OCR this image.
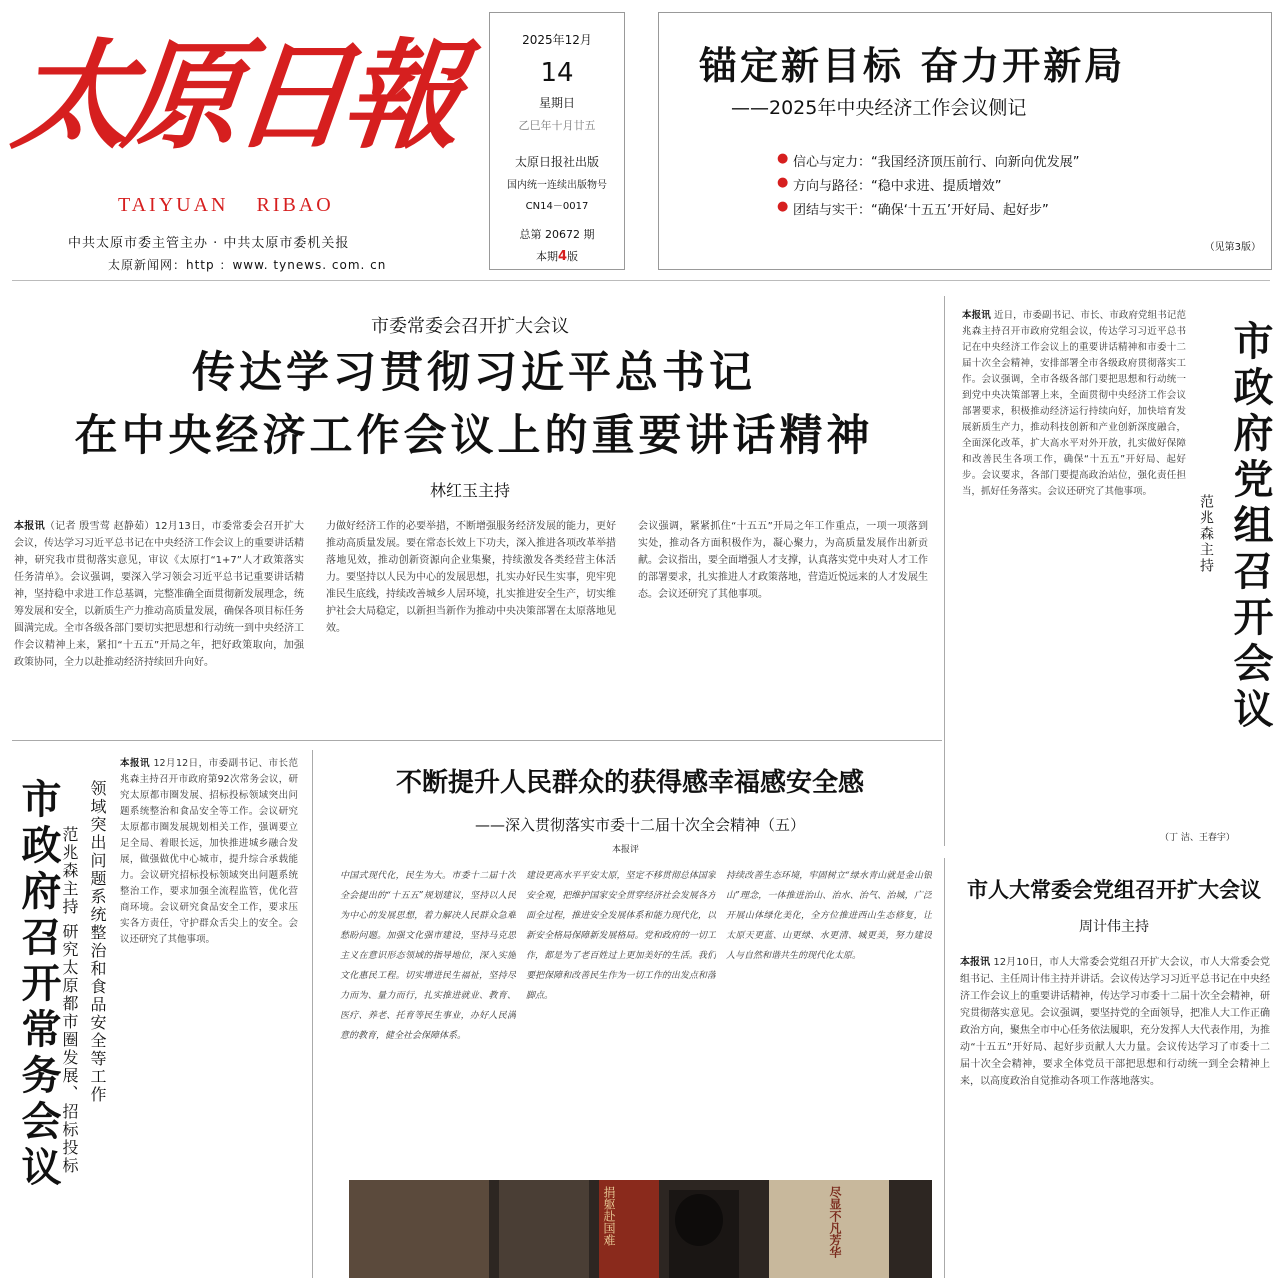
太原日報
TAIYUAN RIBAO
中共太原市委主管主办 · 中共太原市委机关报
太原新闻网：http ：www. tynews. com. cn
2025年12月
14
星期日
乙巳年十月廿五
太原日报社出版
国内统一连续出版物号
CN14－0017
总第 20672 期
本期4版
锚定新目标 奋力开新局
——2025年中央经济工作会议侧记
● 信心与定力：“我国经济顶压前行、向新向优发展”
● 方向与路径：“稳中求进、提质增效”
● 团结与实干：“确保‘十五五’开好局、起好步”
（见第3版）
市委常委会召开扩大会议
传达学习贯彻习近平总书记
在中央经济工作会议上的重要讲话精神
林红玉主持
本报讯（记者 殷雪莺 赵静茹）12月13日，市委常委会召开扩大会议，传达学习习近平总书记在中央经济工作会议上的重要讲话精神，研究我市贯彻落实意见，审议《太原打“1+7”人才政策落实任务清单》。会议强调，要深入学习领会习近平总书记重要讲话精神，坚持稳中求进工作总基调，完整准确全面贯彻新发展理念，统筹发展和安全，以新质生产力推动高质量发展，确保各项目标任务圆满完成。全市各级各部门要切实把思想和行动统一到中央经济工作会议精神上来，紧扣“十五五”开局之年，把好政策取向，加强政策协同，全力以赴推动经济持续回升向好。
力做好经济工作的必要举措，不断增强服务经济发展的能力，更好推动高质量发展。要在常态长效上下功夫，深入推进各项改革举措落地见效，推动创新资源向企业集聚，持续激发各类经营主体活力。要坚持以人民为中心的发展思想，扎实办好民生实事，兜牢兜准民生底线，持续改善城乡人居环境，扎实推进安全生产，切实维护社会大局稳定，以新担当新作为推动中央决策部署在太原落地见效。
会议强调，紧紧抓住“十五五”开局之年工作重点，一项一项落到实处，推动各方面积极作为，凝心聚力，为高质量发展作出新贡献。会议指出，要全面增强人才支撑，认真落实党中央对人才工作的部署要求，扎实推进人才政策落地，营造近悦远来的人才发展生态。会议还研究了其他事项。
本报讯 近日，市委副书记、市长、市政府党组书记范兆森主持召开市政府党组会议，传达学习习近平总书记在中央经济工作会议上的重要讲话精神和市委十二届十次全会精神，安排部署全市各级政府贯彻落实工作。会议强调，全市各级各部门要把思想和行动统一到党中央决策部署上来，全面贯彻中央经济工作会议部署要求，积极推动经济运行持续向好，加快培育发展新质生产力，推动科技创新和产业创新深度融合，全面深化改革，扩大高水平对外开放，扎实做好保障和改善民生各项工作，确保“十五五”开好局、起好步。会议要求，各部门要提高政治站位，强化责任担当，抓好任务落实。会议还研究了其他事项。
（丁 洁、王春宇）
市政府党组召开会议
范兆森主持
市政府召开常务会议	领域突出问题系统整治和食品安全等工作
范兆森主持 研究太原都市圈发展、招标投标
本报讯 12月12日，市委副书记、市长范兆森主持召开市政府第92次常务会议，研究太原都市圈发展、招标投标领域突出问题系统整治和食品安全等工作。会议研究太原都市圈发展规划相关工作，强调要立足全局、着眼长远，加快推进城乡融合发展，做强做优中心城市，提升综合承载能力。会议研究招标投标领域突出问题系统整治工作，要求加强全流程监管，优化营商环境。会议研究食品安全工作，要求压实各方责任，守护群众舌尖上的安全。会议还研究了其他事项。
不断提升人民群众的获得感幸福感安全感
——深入贯彻落实市委十二届十次全会精神（五）
本报评
中国式现代化，民生为大。市委十二届十次全会提出的“十五五”规划建议，坚持以人民为中心的发展思想，着力解决人民群众急难愁盼问题。加强文化强市建设，坚持马克思主义在意识形态领域的指导地位，深入实施文化惠民工程。切实增进民生福祉，坚持尽力而为、量力而行，扎实推进就业、教育、医疗、养老、托育等民生事业，办好人民满意的教育，健全社会保障体系。
建设更高水平平安太原，坚定不移贯彻总体国家安全观，把维护国家安全贯穿经济社会发展各方面全过程，推进安全发展体系和能力现代化，以新安全格局保障新发展格局。党和政府的一切工作，都是为了老百姓过上更加美好的生活。我们要把保障和改善民生作为一切工作的出发点和落脚点。
持续改善生态环境，牢固树立“绿水青山就是金山银山”理念，一体推进治山、治水、治气、治城，广泛开展山体绿化美化，全方位推进西山生态修复，让太原天更蓝、山更绿、水更清、城更美，努力建设人与自然和谐共生的现代化太原。
市人大常委会党组召开扩大会议
周计伟主持
本报讯 12月10日，市人大常委会党组召开扩大会议，市人大常委会党组书记、主任周计伟主持并讲话。会议传达学习习近平总书记在中央经济工作会议上的重要讲话精神，传达学习市委十二届十次全会精神，研究贯彻落实意见。会议强调，要坚持党的全面领导，把准人大工作正确政治方向，聚焦全市中心任务依法履职，充分发挥人大代表作用，为推动“十五五”开好局、起好步贡献人大力量。会议传达学习了市委十二届十次全会精神，要求全体党员干部把思想和行动统一到全会精神上来，以高度政治自觉推动各项工作落地落实。
捐躯赴国难	尽显不凡芳华
